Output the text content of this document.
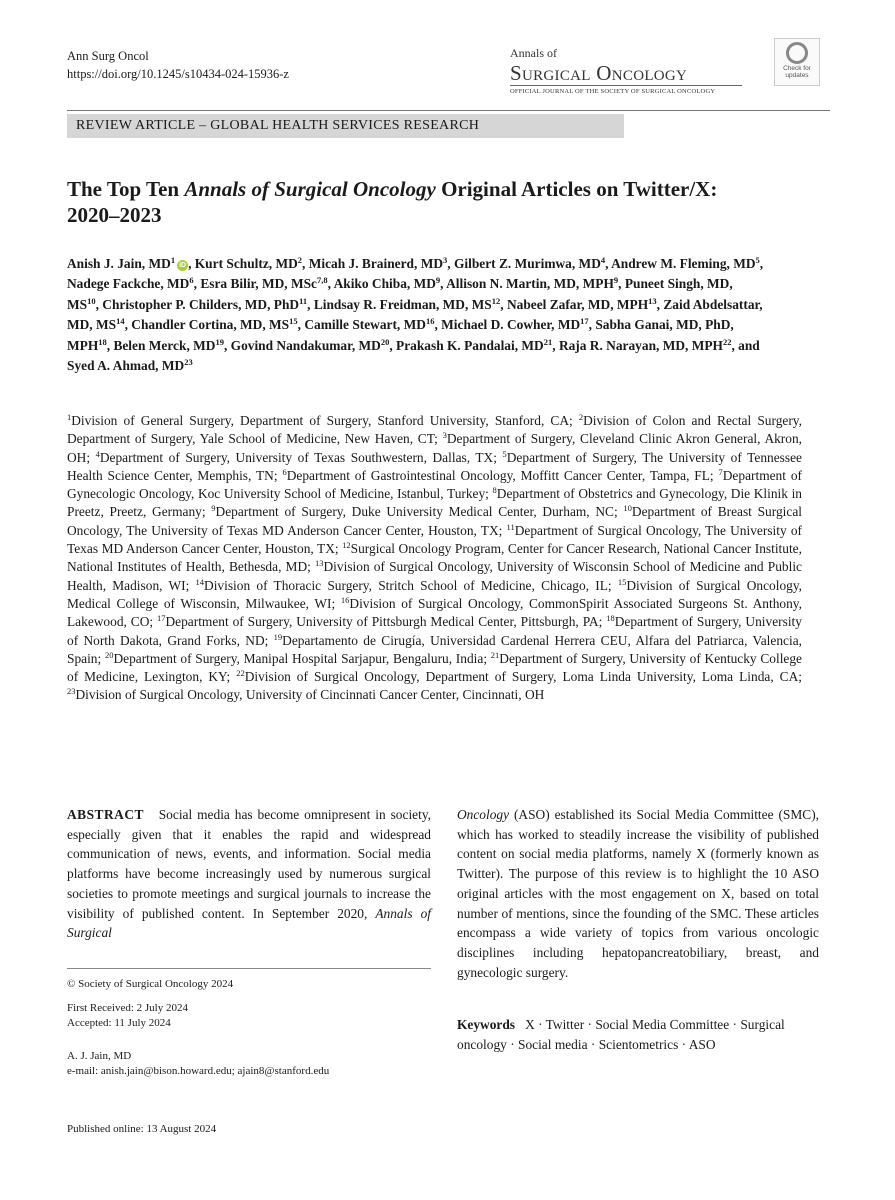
Ann Surg Oncol
https://doi.org/10.1245/s10434-024-15936-z
Annals of
Surgical Oncology
OFFICIAL JOURNAL OF THE SOCIETY OF SURGICAL ONCOLOGY
Check for
updates
REVIEW ARTICLE – GLOBAL HEALTH SERVICES RESEARCH
The Top Ten Annals of Surgical Oncology Original Articles on Twitter/X: 2020–2023
Anish J. Jain, $MD^1iD$ , Kurt Schultz, $MD^2$, Micah J. Brainerd, $MD^3$, Gilbert Z. Murimwa, $MD^4$, Andrew M. Fleming, $MD^5$, Nadege Fackche, $MD^6$, Esra Bilir, MD, MSc$^{7,8}$, Akiko Chiba, $MD^9$, Allison N. Martin, MD, MPH$^9$, Puneet Singh, MD, MS$^{10}$, Christopher P. Childers, MD, PhD$^{11}$, Lindsay R. Freidman, MD, MS$^{12}$, Nabeel Zafar, MD, MPH$^{13}$, Zaid Abdelsattar, MD, MS$^{14}$, Chandler Cortina, MD, MS$^{15}$, Camille Stewart, MD$^{16}$, Michael D. Cowher, MD$^{17}$, Sabha Ganai, MD, PhD, MPH$^{18}$, Belen Merck, MD$^{19}$, Govind Nandakumar, MD$^{20}$, Prakash K. Pandalai, MD$^{21}$, Raja R. Narayan, MD, MPH$^{22}$, and Syed A. Ahmad, MD$^{23}$
$^1$Division of General Surgery, Department of Surgery, Stanford University, Stanford, CA; $^2$Division of Colon and Rectal Surgery, Department of Surgery, Yale School of Medicine, New Haven, CT; $^3$Department of Surgery, Cleveland Clinic Akron General, Akron, OH; $^4$Department of Surgery, University of Texas Southwestern, Dallas, TX; $^5$Department of Surgery, The University of Tennessee Health Science Center, Memphis, TN; $^6$Department of Gastrointestinal Oncology, Moffitt Cancer Center, Tampa, FL; $^7$Department of Gynecologic Oncology, Koc University School of Medicine, Istanbul, Turkey; $^8$Department of Obstetrics and Gynecology, Die Klinik in Preetz, Preetz, Germany; $^9$Department of Surgery, Duke University Medical Center, Durham, NC; $^{10}$Department of Breast Surgical Oncology, The University of Texas MD Anderson Cancer Center, Houston, TX; $^{11}$Department of Surgical Oncology, The University of Texas MD Anderson Cancer Center, Houston, TX; $^{12}$Surgical Oncology Program, Center for Cancer Research, National Cancer Institute, National Institutes of Health, Bethesda, MD; $^{13}$Division of Surgical Oncology, University of Wisconsin School of Medicine and Public Health, Madison, WI; $^{14}$Division of Thoracic Surgery, Stritch School of Medicine, Chicago, IL; $^{15}$Division of Surgical Oncology, Medical College of Wisconsin, Milwaukee, WI; $^{16}$Division of Surgical Oncology, CommonSpirit Associated Surgeons St. Anthony, Lakewood, CO; $^{17}$Department of Surgery, University of Pittsburgh Medical Center, Pittsburgh, PA; $^{18}$Department of Surgery, University of North Dakota, Grand Forks, ND; $^{19}$Departamento de Cirugía, Universidad Cardenal Herrera CEU, Alfara del Patriarca, Valencia, Spain; $^{20}$Department of Surgery, Manipal Hospital Sarjapur, Bengaluru, India; $^{21}$Department of Surgery, University of Kentucky College of Medicine, Lexington, KY; $^{22}$Division of Surgical Oncology, Department of Surgery, Loma Linda University, Loma Linda, CA; $^{23}$Division of Surgical Oncology, University of Cincinnati Cancer Center, Cincinnati, OH
ABSTRACT Social media has become omnipresent in society, especially given that it enables the rapid and widespread communication of news, events, and information. Social media platforms have become increasingly used by numerous surgical societies to promote meetings and surgical journals to increase the visibility of published content. In September 2020, Annals of Surgical
Oncology (ASO) established its Social Media Committee (SMC), which has worked to steadily increase the visibility of published content on social media platforms, namely X (formerly known as Twitter). The purpose of this review is to highlight the 10 ASO original articles with the most engagement on X, based on total number of mentions, since the founding of the SMC. These articles encompass a wide variety of topics from various oncologic disciplines including hepatopancreatobiliary, breast, and gynecologic surgery.
© Society of Surgical Oncology 2024
First Received: 2 July 2024
Accepted: 11 July 2024
A. J. Jain, MD
e-mail: anish.jain@bison.howard.edu; ajain8@stanford.edu
Keywords X · Twitter · Social Media Committee · Surgical oncology · Social media · Scientometrics · ASO
Published online: 13 August 2024
